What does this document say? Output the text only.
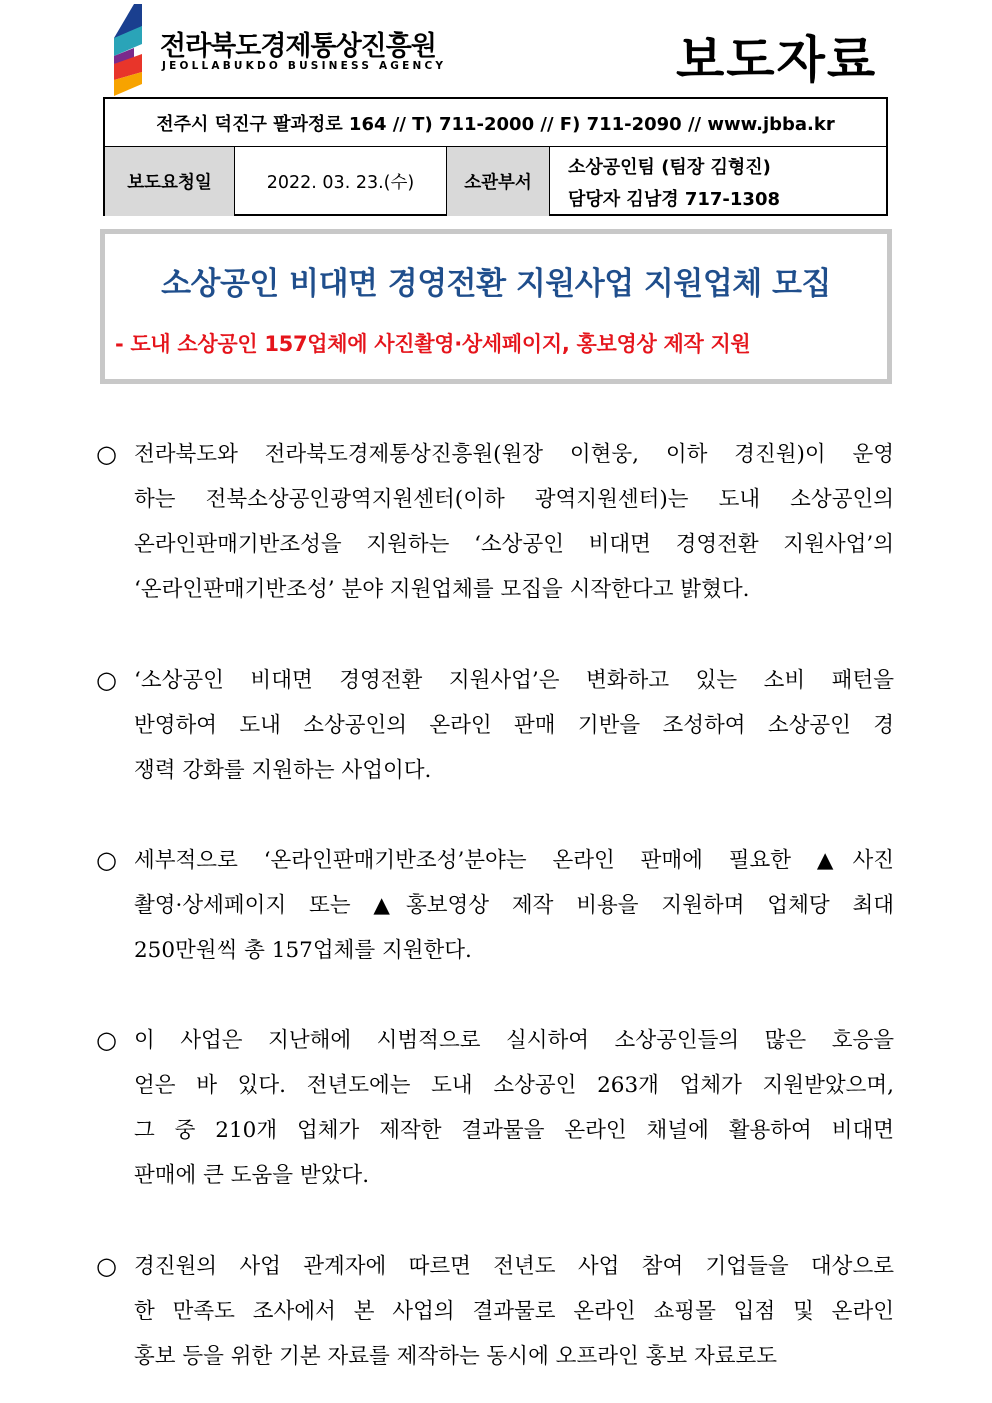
전라북도경제통상진흥원
JEOLLABUKDO BUSINESS AGENCY	보도자료
전주시 덕진구 팔과정로 164 // T) 711-2000 // F) 711-2090 // www.jbba.kr
보도요청일	2022. 03. 23.(수)	소관부서
소상공인팀 (팀장 김형진)
담당자 김남경 717-1308
소상공인 비대면 경영전환 지원사업 지원업체 모집
- 도내 소상공인 157업체에 사진촬영·상세페이지, 홍보영상 제작 지원
○ 전라북도와 전라북도경제통상진흥원(원장 이현웅, 이하 경진원)이 운영
하는 전북소상공인광역지원센터(이하 광역지원센터)는 도내 소상공인의
온라인판매기반조성을 지원하는 ‘소상공인 비대면 경영전환 지원사업’의
‘온라인판매기반조성’ 분야 지원업체를 모집을 시작한다고 밝혔다.
○ ‘소상공인 비대면 경영전환 지원사업’은 변화하고 있는 소비 패턴을
반영하여 도내 소상공인의 온라인 판매 기반을 조성하여 소상공인 경
쟁력 강화를 지원하는 사업이다.
○ 세부적으로 ‘온라인판매기반조성’분야는 온라인 판매에 필요한 ▲사진
촬영·상세페이지 또는 ▲홍보영상 제작 비용을 지원하며 업체당 최대
250만원씩 총 157업체를 지원한다.
○ 이 사업은 지난해에 시범적으로 실시하여 소상공인들의 많은 호응을
얻은 바 있다. 전년도에는 도내 소상공인 263개 업체가 지원받았으며,
그 중 210개 업체가 제작한 결과물을 온라인 채널에 활용하여 비대면
판매에 큰 도움을 받았다.
○ 경진원의 사업 관계자에 따르면 전년도 사업 참여 기업들을 대상으로
한 만족도 조사에서 본 사업의 결과물로 온라인 쇼핑몰 입점 및 온라인
홍보 등을 위한 기본 자료를 제작하는 동시에 오프라인 홍보 자료로도
